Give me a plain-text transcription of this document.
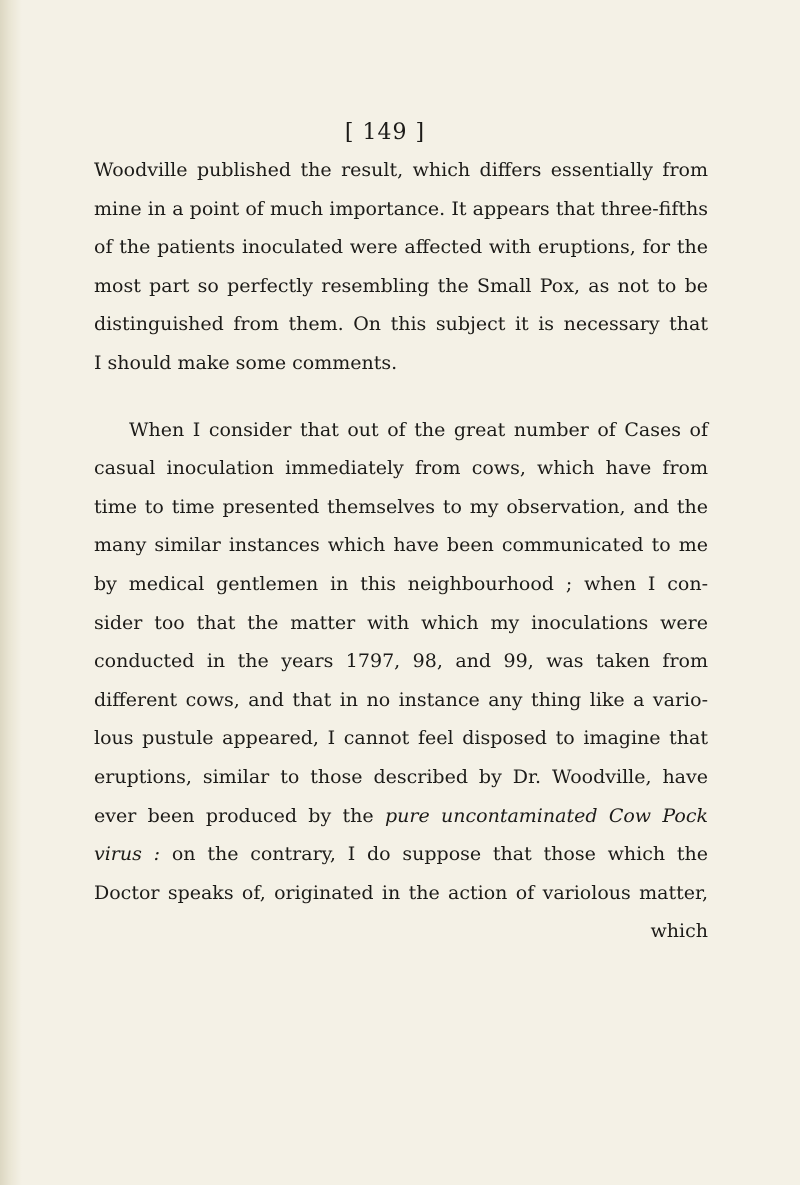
[ 149 ]

Woodville published the result, which differs essentially from
mine in a point of much importance. It appears that three-fifths
of the patients inoculated were affected with eruptions, for the
most part so perfectly resembling the Small Pox, as not to be
distinguished from them. On this subject it is necessary that
I should make some comments.

When I consider that out of the great number of Cases of
casual inoculation immediately from cows, which have from
time to time presented themselves to my observation, and the
many similar instances which have been communicated to me
by medical gentlemen in this neighbourhood ; when I con-
sider too that the matter with which my inoculations were
conducted in the years 1797, 98, and 99, was taken from
different cows, and that in no instance any thing like a vario-
lous pustule appeared, I cannot feel disposed to imagine that
eruptions, similar to those described by Dr. Woodville, have
ever been produced by the pure uncontaminated Cow Pock
virus : on the contrary, I do suppose that those which the
Doctor speaks of, originated in the action of variolous matter,
which
